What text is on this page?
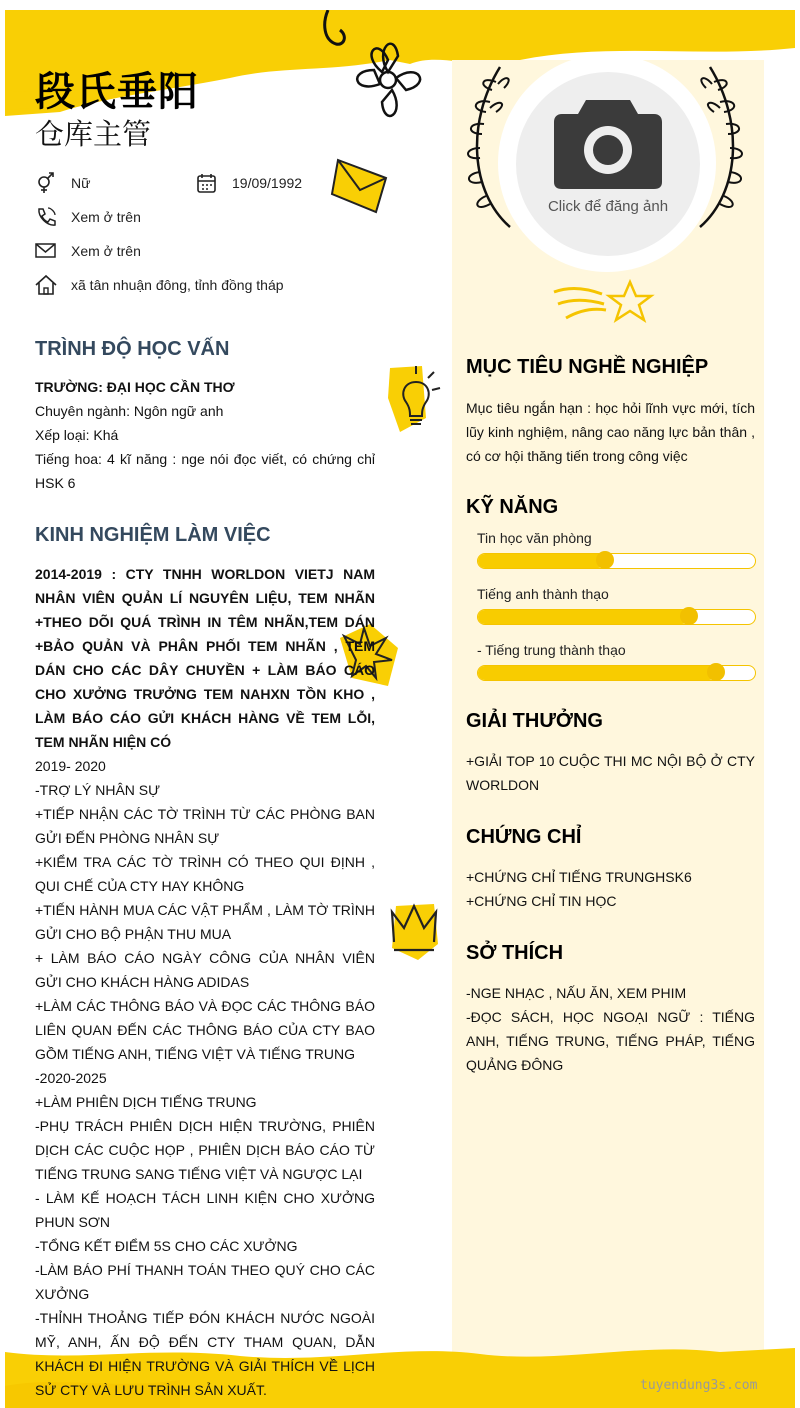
段氏垂阳
仓库主管
Nữ	19/09/1992
Xem ở trên
Xem ở trên
xã tân nhuận đông, tỉnh đồng tháp
Click để đăng ảnh
TRÌNH ĐỘ HỌC VẤN
TRƯỜNG: ĐẠI HỌC CẦN THƠ
Chuyên ngành: Ngôn ngữ anh
Xếp loại: Khá
Tiếng hoa: 4 kĩ năng : nge nói đọc viết, có chứng chỉ HSK 6
KINH NGHIỆM LÀM VIỆC
2014-2019 : CTY TNHH WORLDON VIETJ NAM NHÂN VIÊN QUẢN LÍ NGUYÊN LIỆU, TEM NHÃN +THEO DÕI QUÁ TRÌNH IN TÊM NHÃN,TEM DÁN +BẢO QUẢN VÀ PHÂN PHỐI TEM NHÃN , TEM DÁN CHO CÁC DÂY CHUYỀN + LÀM BÁO CÁO CHO XƯỞNG TRƯỞNG TEM NAHXN TỒN KHO , LÀM BÁO CÁO GỬI KHÁCH HÀNG VỀ TEM LỖI, TEM NHÃN HIỆN CÓ
2019- 2020
-TRỢ LÝ NHÂN SỰ
+TIẾP NHẬN CÁC TỜ TRÌNH TỪ CÁC PHÒNG BAN GỬI ĐẾN PHÒNG NHÂN SỰ
+KIỂM TRA CÁC TỜ TRÌNH CÓ THEO QUI ĐỊNH , QUI CHẾ CỦA CTY HAY KHÔNG
+TIẾN HÀNH MUA CÁC VẬT PHẨM , LÀM TỜ TRÌNH GỬI CHO BỘ PHẬN THU MUA
+ LÀM BÁO CÁO NGÀY CÔNG CỦA NHÂN VIÊN GỬI CHO KHÁCH HÀNG ADIDAS
+LÀM CÁC THÔNG BÁO VÀ ĐỌC CÁC THÔNG BÁO LIÊN QUAN ĐẾN CÁC THÔNG BÁO CỦA CTY BAO GỒM TIẾNG ANH, TIẾNG VIỆT VÀ TIẾNG TRUNG
-2020-2025
+LÀM PHIÊN DỊCH TIẾNG TRUNG
-PHỤ TRÁCH PHIÊN DỊCH HIỆN TRƯỜNG, PHIÊN DỊCH CÁC CUỘC HỌP , PHIÊN DỊCH BÁO CÁO TỪ TIẾNG TRUNG SANG TIẾNG VIỆT VÀ NGƯỢC LẠI
- LÀM KẾ HOẠCH TÁCH LINH KIỆN CHO XƯỞNG PHUN SƠN
-TỔNG KẾT ĐIỂM 5S CHO CÁC XƯỞNG
-LÀM BÁO PHÍ THANH TOÁN THEO QUÝ CHO CÁC XƯỞNG
-THỈNH THOẢNG TIẾP ĐÓN KHÁCH NƯỚC NGOÀI MỸ, ANH, ẤN ĐỘ ĐẾN CTY THAM QUAN, DẪN KHÁCH ĐI HIỆN TRƯỜNG VÀ GIẢI THÍCH VỀ LỊCH SỬ CTY VÀ LƯU TRÌNH SẢN XUẤT.
MỤC TIÊU NGHỀ NGHIỆP
Mục tiêu ngắn hạn : học hỏi lĩnh vực mới, tích lũy kinh nghiệm, nâng cao năng lực bản thân , có cơ hội thăng tiến trong công việc
KỸ NĂNG
Tin học văn phòng
Tiếng anh thành thạo
- Tiếng trung thành thạo
GIẢI THƯỞNG
+GIẢI TOP 10 CUỘC THI MC NỘI BỘ Ở CTY WORLDON
CHỨNG CHỈ
+CHỨNG CHỈ TIẾNG TRUNGHSK6
+CHỨNG CHỈ TIN HỌC
SỞ THÍCH
-NGE NHẠC , NẤU ĂN, XEM PHIM
-ĐỌC SÁCH, HỌC NGOẠI NGỮ : TIẾNG ANH, TIẾNG TRUNG, TIẾNG PHÁP, TIẾNG QUẢNG ĐÔNG
tuyendung3s.com
